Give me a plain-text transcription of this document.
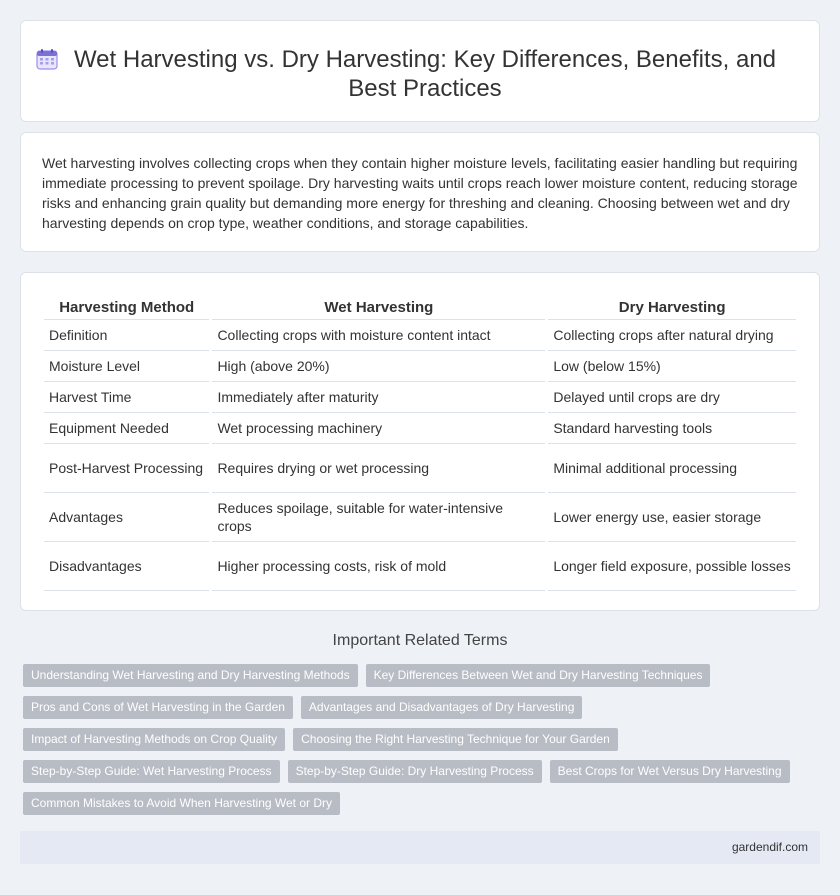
Wet Harvesting vs. Dry Harvesting: Key Differences, Benefits, and Best Practices

Wet harvesting involves collecting crops when they contain higher moisture levels, facilitating easier handling but requiring immediate processing to prevent spoilage. Dry harvesting waits until crops reach lower moisture content, reducing storage risks and enhancing grain quality but demanding more energy for threshing and cleaning. Choosing between wet and dry harvesting depends on crop type, weather conditions, and storage capabilities.

Harvesting Method	Wet Harvesting	Dry Harvesting
Definition	Collecting crops with moisture content intact	Collecting crops after natural drying
Moisture Level	High (above 20%)	Low (below 15%)
Harvest Time	Immediately after maturity	Delayed until crops are dry
Equipment Needed	Wet processing machinery	Standard harvesting tools
Post-Harvest Processing	Requires drying or wet processing	Minimal additional processing
Advantages	Reduces spoilage, suitable for water-intensive crops	Lower energy use, easier storage
Disadvantages	Higher processing costs, risk of mold	Longer field exposure, possible losses
Important Related Terms
Understanding Wet Harvesting and Dry Harvesting Methods	Key Differences Between Wet and Dry Harvesting Techniques
Pros and Cons of Wet Harvesting in the Garden	Advantages and Disadvantages of Dry Harvesting
Impact of Harvesting Methods on Crop Quality	Choosing the Right Harvesting Technique for Your Garden
Step-by-Step Guide: Wet Harvesting Process	Step-by-Step Guide: Dry Harvesting Process	Best Crops for Wet Versus Dry Harvesting
Common Mistakes to Avoid When Harvesting Wet or Dry
gardendif.com
